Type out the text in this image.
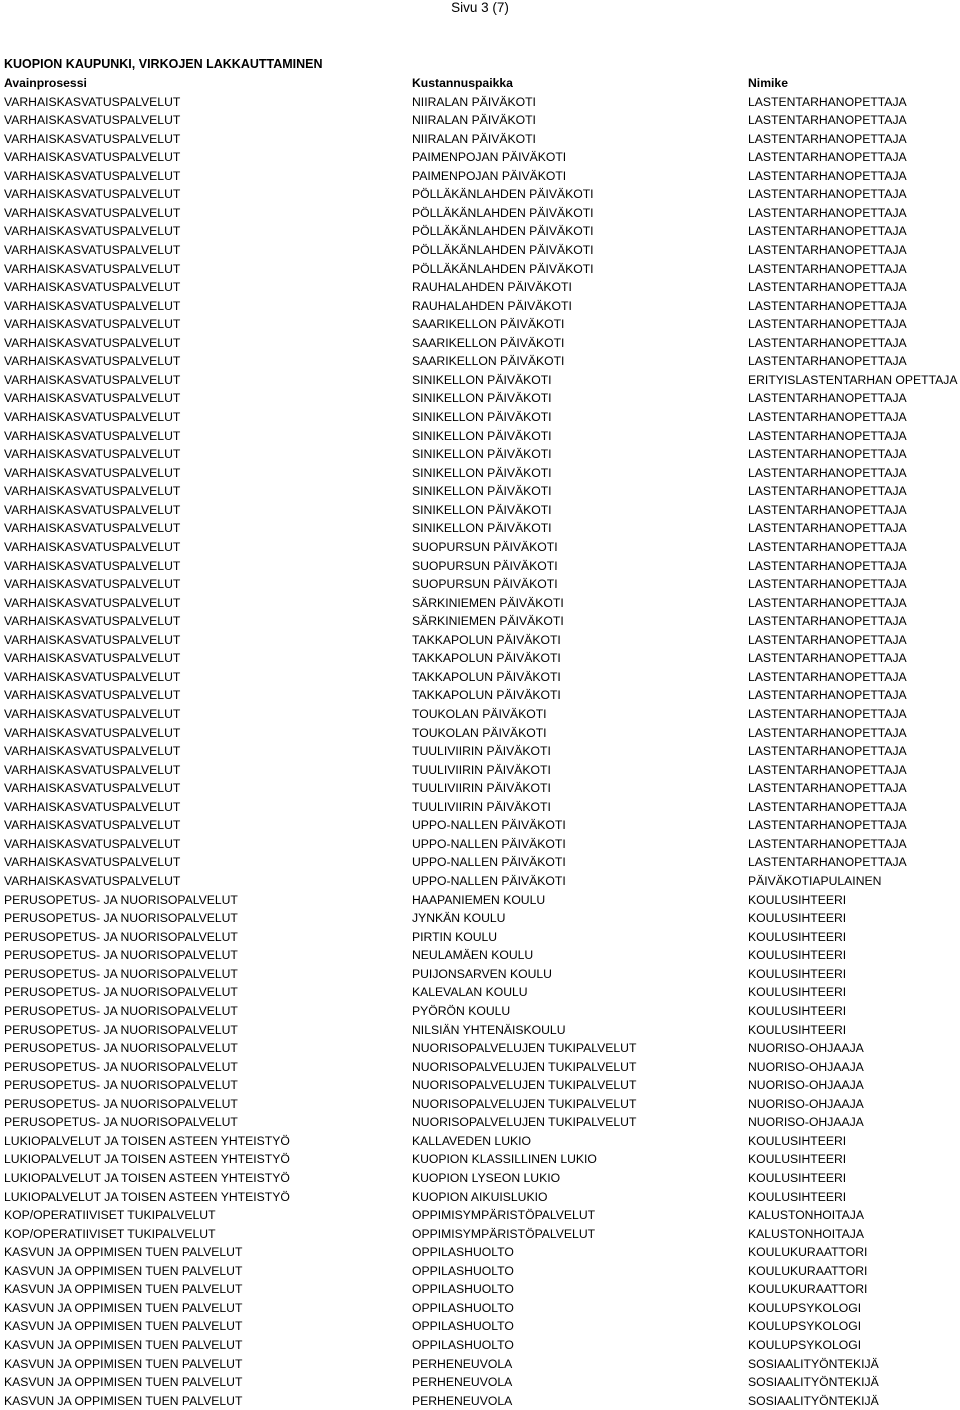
Sivu 3 (7)
KUOPION KAUPUNKI, VIRKOJEN LAKKAUTTAMINEN
Avainprosessi	Kustannuspaikka	Nimike
VARHAISKASVATUSPALVELUT	NIIRALAN PÄIVÄKOTI	LASTENTARHANOPETTAJA
VARHAISKASVATUSPALVELUT	NIIRALAN PÄIVÄKOTI	LASTENTARHANOPETTAJA
VARHAISKASVATUSPALVELUT	NIIRALAN PÄIVÄKOTI	LASTENTARHANOPETTAJA
VARHAISKASVATUSPALVELUT	PAIMENPOJAN PÄIVÄKOTI	LASTENTARHANOPETTAJA
VARHAISKASVATUSPALVELUT	PAIMENPOJAN PÄIVÄKOTI	LASTENTARHANOPETTAJA
VARHAISKASVATUSPALVELUT	PÖLLÄKÄNLAHDEN PÄIVÄKOTI	LASTENTARHANOPETTAJA
VARHAISKASVATUSPALVELUT	PÖLLÄKÄNLAHDEN PÄIVÄKOTI	LASTENTARHANOPETTAJA
VARHAISKASVATUSPALVELUT	PÖLLÄKÄNLAHDEN PÄIVÄKOTI	LASTENTARHANOPETTAJA
VARHAISKASVATUSPALVELUT	PÖLLÄKÄNLAHDEN PÄIVÄKOTI	LASTENTARHANOPETTAJA
VARHAISKASVATUSPALVELUT	PÖLLÄKÄNLAHDEN PÄIVÄKOTI	LASTENTARHANOPETTAJA
VARHAISKASVATUSPALVELUT	RAUHALAHDEN PÄIVÄKOTI	LASTENTARHANOPETTAJA
VARHAISKASVATUSPALVELUT	RAUHALAHDEN PÄIVÄKOTI	LASTENTARHANOPETTAJA
VARHAISKASVATUSPALVELUT	SAARIKELLON PÄIVÄKOTI	LASTENTARHANOPETTAJA
VARHAISKASVATUSPALVELUT	SAARIKELLON PÄIVÄKOTI	LASTENTARHANOPETTAJA
VARHAISKASVATUSPALVELUT	SAARIKELLON PÄIVÄKOTI	LASTENTARHANOPETTAJA
VARHAISKASVATUSPALVELUT	SINIKELLON PÄIVÄKOTI	ERITYISLASTENTARHAN OPETTAJA
VARHAISKASVATUSPALVELUT	SINIKELLON PÄIVÄKOTI	LASTENTARHANOPETTAJA
VARHAISKASVATUSPALVELUT	SINIKELLON PÄIVÄKOTI	LASTENTARHANOPETTAJA
VARHAISKASVATUSPALVELUT	SINIKELLON PÄIVÄKOTI	LASTENTARHANOPETTAJA
VARHAISKASVATUSPALVELUT	SINIKELLON PÄIVÄKOTI	LASTENTARHANOPETTAJA
VARHAISKASVATUSPALVELUT	SINIKELLON PÄIVÄKOTI	LASTENTARHANOPETTAJA
VARHAISKASVATUSPALVELUT	SINIKELLON PÄIVÄKOTI	LASTENTARHANOPETTAJA
VARHAISKASVATUSPALVELUT	SINIKELLON PÄIVÄKOTI	LASTENTARHANOPETTAJA
VARHAISKASVATUSPALVELUT	SINIKELLON PÄIVÄKOTI	LASTENTARHANOPETTAJA
VARHAISKASVATUSPALVELUT	SUOPURSUN PÄIVÄKOTI	LASTENTARHANOPETTAJA
VARHAISKASVATUSPALVELUT	SUOPURSUN PÄIVÄKOTI	LASTENTARHANOPETTAJA
VARHAISKASVATUSPALVELUT	SUOPURSUN PÄIVÄKOTI	LASTENTARHANOPETTAJA
VARHAISKASVATUSPALVELUT	SÄRKINIEMEN PÄIVÄKOTI	LASTENTARHANOPETTAJA
VARHAISKASVATUSPALVELUT	SÄRKINIEMEN PÄIVÄKOTI	LASTENTARHANOPETTAJA
VARHAISKASVATUSPALVELUT	TAKKAPOLUN PÄIVÄKOTI	LASTENTARHANOPETTAJA
VARHAISKASVATUSPALVELUT	TAKKAPOLUN PÄIVÄKOTI	LASTENTARHANOPETTAJA
VARHAISKASVATUSPALVELUT	TAKKAPOLUN PÄIVÄKOTI	LASTENTARHANOPETTAJA
VARHAISKASVATUSPALVELUT	TAKKAPOLUN PÄIVÄKOTI	LASTENTARHANOPETTAJA
VARHAISKASVATUSPALVELUT	TOUKOLAN PÄIVÄKOTI	LASTENTARHANOPETTAJA
VARHAISKASVATUSPALVELUT	TOUKOLAN PÄIVÄKOTI	LASTENTARHANOPETTAJA
VARHAISKASVATUSPALVELUT	TUULIVIIRIN PÄIVÄKOTI	LASTENTARHANOPETTAJA
VARHAISKASVATUSPALVELUT	TUULIVIIRIN PÄIVÄKOTI	LASTENTARHANOPETTAJA
VARHAISKASVATUSPALVELUT	TUULIVIIRIN PÄIVÄKOTI	LASTENTARHANOPETTAJA
VARHAISKASVATUSPALVELUT	TUULIVIIRIN PÄIVÄKOTI	LASTENTARHANOPETTAJA
VARHAISKASVATUSPALVELUT	UPPO-NALLEN PÄIVÄKOTI	LASTENTARHANOPETTAJA
VARHAISKASVATUSPALVELUT	UPPO-NALLEN PÄIVÄKOTI	LASTENTARHANOPETTAJA
VARHAISKASVATUSPALVELUT	UPPO-NALLEN PÄIVÄKOTI	LASTENTARHANOPETTAJA
VARHAISKASVATUSPALVELUT	UPPO-NALLEN PÄIVÄKOTI	PÄIVÄKOTIAPULAINEN
PERUSOPETUS- JA NUORISOPALVELUT	HAAPANIEMEN KOULU	KOULUSIHTEERI
PERUSOPETUS- JA NUORISOPALVELUT	JYNKÄN KOULU	KOULUSIHTEERI
PERUSOPETUS- JA NUORISOPALVELUT	PIRTIN KOULU	KOULUSIHTEERI
PERUSOPETUS- JA NUORISOPALVELUT	NEULAMÄEN KOULU	KOULUSIHTEERI
PERUSOPETUS- JA NUORISOPALVELUT	PUIJONSARVEN KOULU	KOULUSIHTEERI
PERUSOPETUS- JA NUORISOPALVELUT	KALEVALAN KOULU	KOULUSIHTEERI
PERUSOPETUS- JA NUORISOPALVELUT	PYÖRÖN KOULU	KOULUSIHTEERI
PERUSOPETUS- JA NUORISOPALVELUT	NILSIÄN YHTENÄISKOULU	KOULUSIHTEERI
PERUSOPETUS- JA NUORISOPALVELUT	NUORISOPALVELUJEN TUKIPALVELUT	NUORISO-OHJAAJA
PERUSOPETUS- JA NUORISOPALVELUT	NUORISOPALVELUJEN TUKIPALVELUT	NUORISO-OHJAAJA
PERUSOPETUS- JA NUORISOPALVELUT	NUORISOPALVELUJEN TUKIPALVELUT	NUORISO-OHJAAJA
PERUSOPETUS- JA NUORISOPALVELUT	NUORISOPALVELUJEN TUKIPALVELUT	NUORISO-OHJAAJA
PERUSOPETUS- JA NUORISOPALVELUT	NUORISOPALVELUJEN TUKIPALVELUT	NUORISO-OHJAAJA
LUKIOPALVELUT JA TOISEN ASTEEN YHTEISTYÖ	KALLAVEDEN LUKIO	KOULUSIHTEERI
LUKIOPALVELUT JA TOISEN ASTEEN YHTEISTYÖ	KUOPION KLASSILLINEN LUKIO	KOULUSIHTEERI
LUKIOPALVELUT JA TOISEN ASTEEN YHTEISTYÖ	KUOPION LYSEON LUKIO	KOULUSIHTEERI
LUKIOPALVELUT JA TOISEN ASTEEN YHTEISTYÖ	KUOPION AIKUISLUKIO	KOULUSIHTEERI
KOP/OPERATIIVISET TUKIPALVELUT	OPPIMISYMPÄRISTÖPALVELUT	KALUSTONHOITAJA
KOP/OPERATIIVISET TUKIPALVELUT	OPPIMISYMPÄRISTÖPALVELUT	KALUSTONHOITAJA
KASVUN JA OPPIMISEN TUEN PALVELUT	OPPILASHUOLTO	KOULUKURAATTORI
KASVUN JA OPPIMISEN TUEN PALVELUT	OPPILASHUOLTO	KOULUKURAATTORI
KASVUN JA OPPIMISEN TUEN PALVELUT	OPPILASHUOLTO	KOULUKURAATTORI
KASVUN JA OPPIMISEN TUEN PALVELUT	OPPILASHUOLTO	KOULUPSYKOLOGI
KASVUN JA OPPIMISEN TUEN PALVELUT	OPPILASHUOLTO	KOULUPSYKOLOGI
KASVUN JA OPPIMISEN TUEN PALVELUT	OPPILASHUOLTO	KOULUPSYKOLOGI
KASVUN JA OPPIMISEN TUEN PALVELUT	PERHENEUVOLA	SOSIAALITYÖNTEKIJÄ
KASVUN JA OPPIMISEN TUEN PALVELUT	PERHENEUVOLA	SOSIAALITYÖNTEKIJÄ
KASVUN JA OPPIMISEN TUEN PALVELUT	PERHENEUVOLA	SOSIAALITYÖNTEKIJÄ
